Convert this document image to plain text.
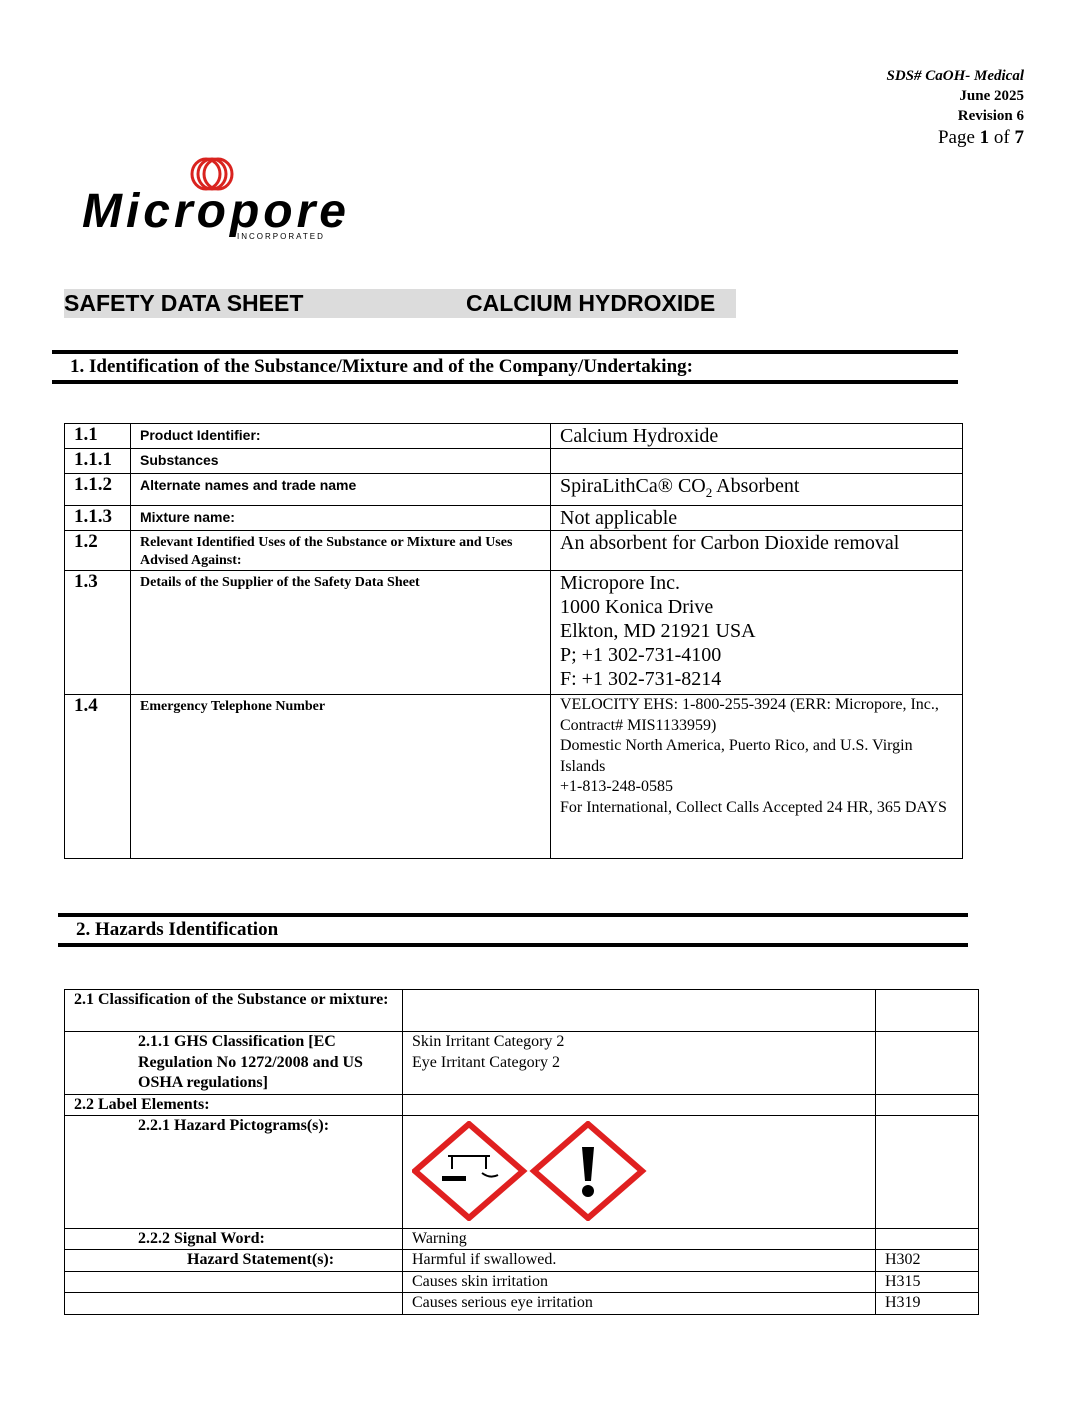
SDS# CaOH- Medical
June 2025
Revision 6
Page 1 of 7
Micropore
INCORPORATED
SAFETY DATA SHEET	CALCIUM HYDROXIDE
1. Identification of the Substance/Mixture and of the Company/Undertaking:
1.1	Product Identifier:	Calcium Hydroxide
1.1.1	Substances	
1.1.2	Alternate names and trade name	SpiraLithCa® $CO_2$ Absorbent
1.1.3	Mixture name:	Not applicable
1.2	Relevant Identified Uses of the Substance or Mixture and Uses Advised Against:	An absorbent for Carbon Dioxide removal
1.3	Details of the Supplier of the Safety Data Sheet	Micropore Inc.
1000 Konica Drive
Elkton, MD 21921 USA
P; +1 302-731-4100
F: +1 302-731-8214

1.4	Emergency Telephone Number	VELOCITY EHS: 1-800-255-3924 (ERR: Micropore, Inc., Contract# MIS1133959)
Domestic North America, Puerto Rico, and U.S. Virgin Islands
+1-813-248-0585
For International, Collect Calls Accepted 24 HR, 365 DAYS
2. Hazards Identification
2.1 Classification of the Substance or mixture:		
2.1.1 GHS Classification [EC Regulation No 1272/2008 and US OSHA regulations]	Skin Irritant Category 2
Eye Irritant Category 2	

2.2 Label Elements:		
2.2.1 Hazard Pictograms(s):		
2.2.2 Signal Word:	Warning	
Hazard Statement(s):	Harmful if swallowed.	H302
	Causes skin irritation	H315
	Causes serious eye irritation	H319
